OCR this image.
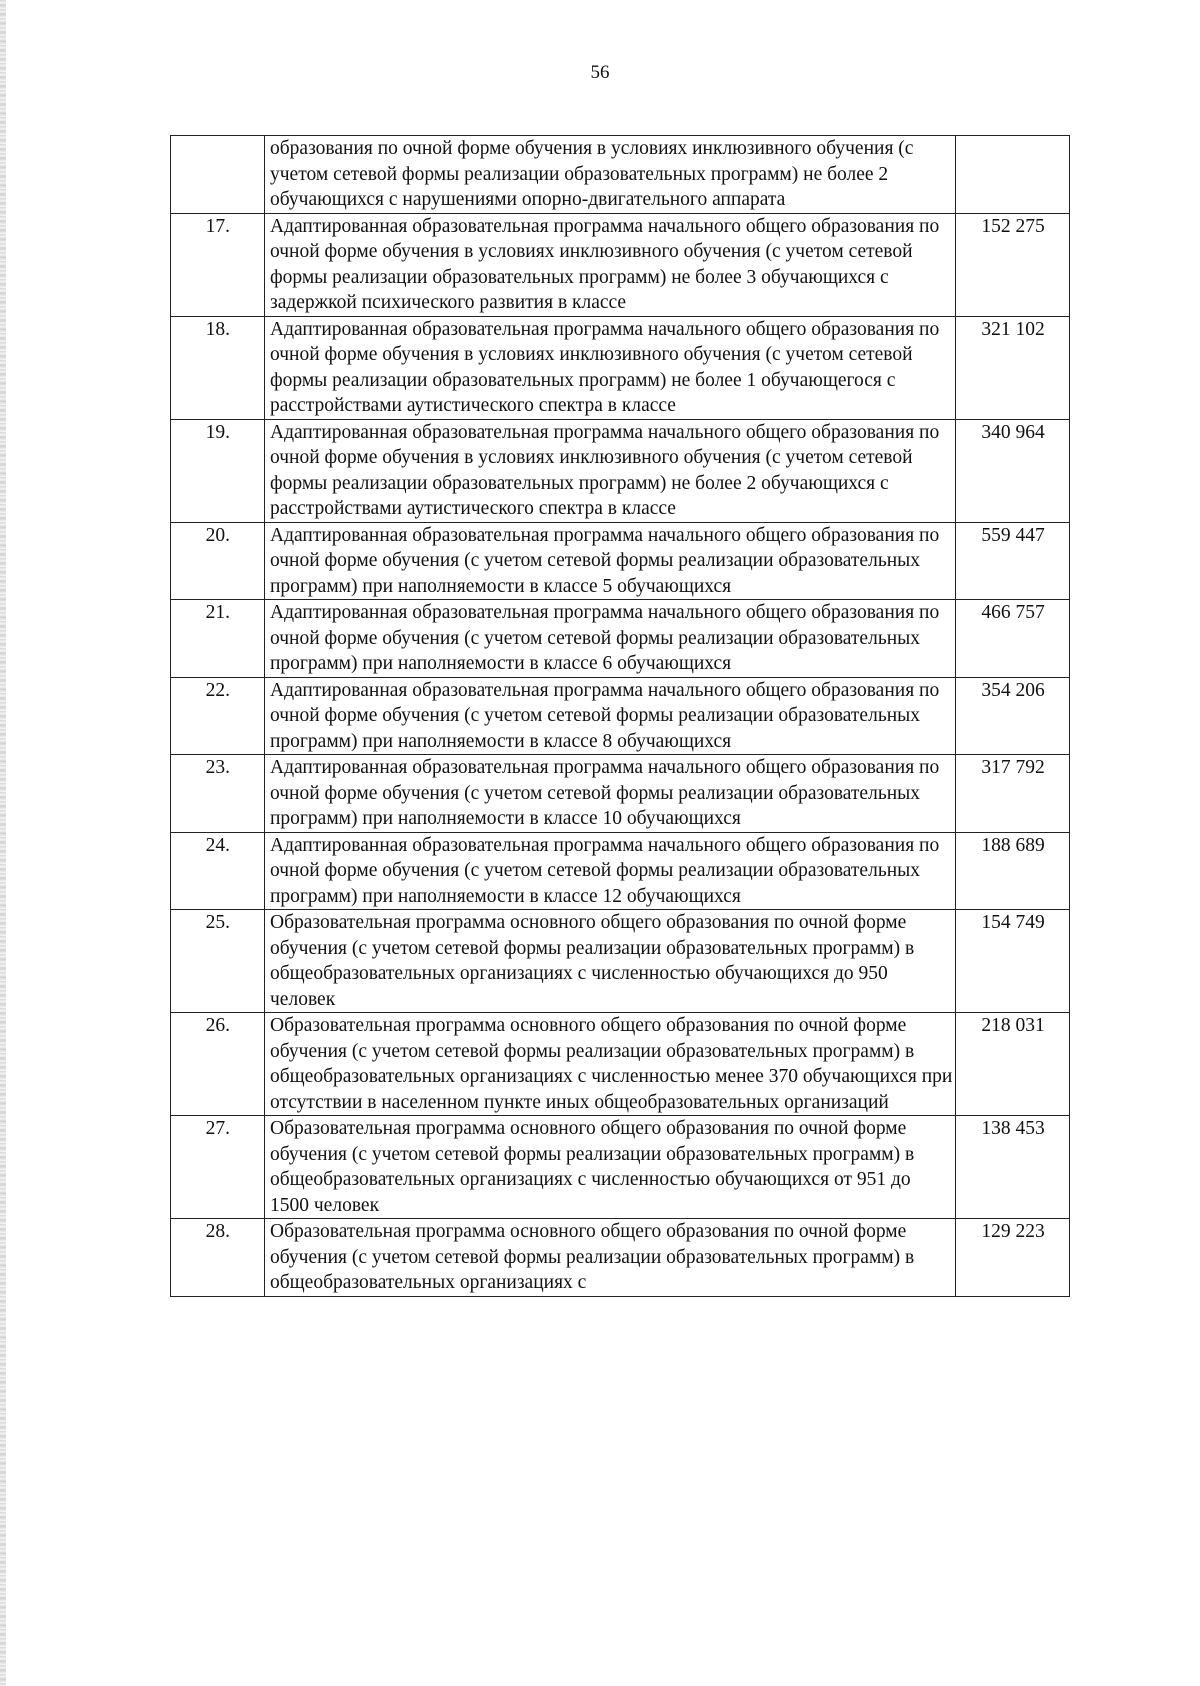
56
	образования по очной форме обучения в условиях инклюзивного обучения (с учетом сетевой формы реализации образовательных программ) не более 2 обучающихся с нарушениями опорно-двигательного аппарата	
17.	Адаптированная образовательная программа начального общего образования по очной форме обучения в условиях инклюзивного обучения (с учетом сетевой формы реализации образовательных программ) не более 3 обучающихся с задержкой психического развития в классе	152 275
18.	Адаптированная образовательная программа начального общего образования по очной форме обучения в условиях инклюзивного обучения (с учетом сетевой формы реализации образовательных программ) не более 1 обучающегося с расстройствами аутистического спектра в классе	321 102
19.	Адаптированная образовательная программа начального общего образования по очной форме обучения в условиях инклюзивного обучения (с учетом сетевой формы реализации образовательных программ) не более 2 обучающихся с расстройствами аутистического спектра в классе	340 964
20.	Адаптированная образовательная программа начального общего образования по очной форме обучения (с учетом сетевой формы реализации образовательных программ) при наполняемости в классе 5 обучающихся	559 447
21.	Адаптированная образовательная программа начального общего образования по очной форме обучения (с учетом сетевой формы реализации образовательных программ) при наполняемости в классе 6 обучающихся	466 757
22.	Адаптированная образовательная программа начального общего образования по очной форме обучения (с учетом сетевой формы реализации образовательных программ) при наполняемости в классе 8 обучающихся	354 206
23.	Адаптированная образовательная программа начального общего образования по очной форме обучения (с учетом сетевой формы реализации образовательных программ) при наполняемости в классе 10 обучающихся	317 792
24.	Адаптированная образовательная программа начального общего образования по очной форме обучения (с учетом сетевой формы реализации образовательных программ) при наполняемости в классе 12 обучающихся	188 689
25.	Образовательная программа основного общего образования по очной форме обучения (с учетом сетевой формы реализации образовательных программ) в общеобразовательных организациях с численностью обучающихся до 950 человек	154 749
26.	Образовательная программа основного общего образования по очной форме обучения (с учетом сетевой формы реализации образовательных программ) в общеобразовательных организациях с численностью менее 370 обучающихся при отсутствии в населенном пункте иных общеобразовательных организаций	218 031
27.	Образовательная программа основного общего образования по очной форме обучения (с учетом сетевой формы реализации образовательных программ) в общеобразовательных организациях с численностью обучающихся от 951 до 1500 человек	138 453
28.	Образовательная программа основного общего образования по очной форме обучения (с учетом сетевой формы реализации образовательных программ) в общеобразовательных организациях с	129 223
